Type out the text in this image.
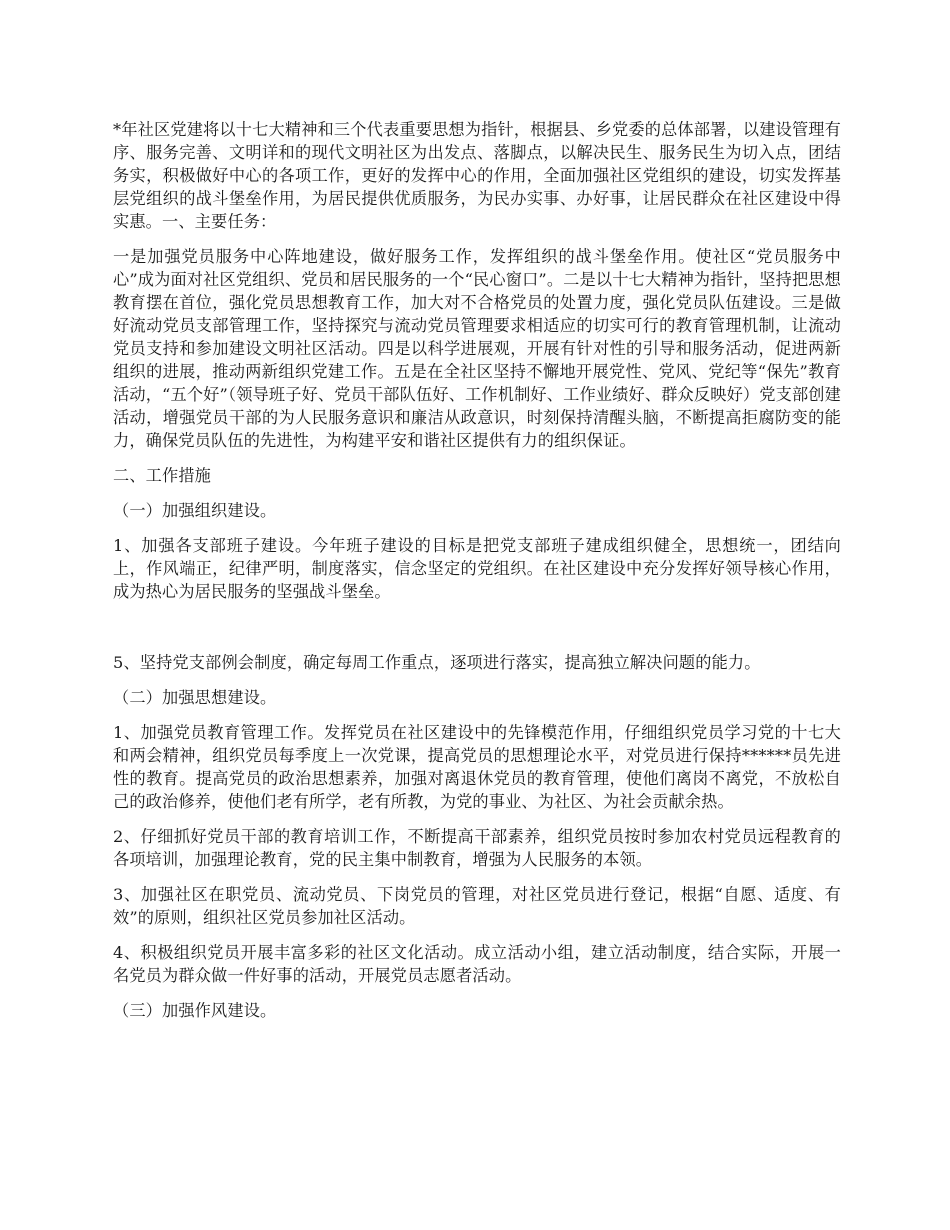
*年社区党建将以十七大精神和三个代表重要思想为指针，根据县、乡党委的总体部署，以建设管理有序、服务完善、文明详和的现代文明社区为出发点、落脚点，以解决民生、服务民生为切入点，团结务实，积极做好中心的各项工作，更好的发挥中心的作用，全面加强社区党组织的建设，切实发挥基层党组织的战斗堡垒作用，为居民提供优质服务，为民办实事、办好事，让居民群众在社区建设中得实惠。一、主要任务：

一是加强党员服务中心阵地建设，做好服务工作，发挥组织的战斗堡垒作用。使社区“党员服务中心”成为面对社区党组织、党员和居民服务的一个“民心窗口”。二是以十七大精神为指针，坚持把思想教育摆在首位，强化党员思想教育工作，加大对不合格党员的处置力度，强化党员队伍建设。三是做好流动党员支部管理工作，坚持探究与流动党员管理要求相适应的切实可行的教育管理机制，让流动党员支持和参加建设文明社区活动。四是以科学进展观，开展有针对性的引导和服务活动，促进两新组织的进展，推动两新组织党建工作。五是在全社区坚持不懈地开展党性、党风、党纪等“保先”教育活动，“五个好”（领导班子好、党员干部队伍好、工作机制好、工作业绩好、群众反映好）党支部创建活动，增强党员干部的为人民服务意识和廉洁从政意识，时刻保持清醒头脑，不断提高拒腐防变的能力，确保党员队伍的先进性，为构建平安和谐社区提供有力的组织保证。

二、工作措施

（一）加强组织建设。

1、加强各支部班子建设。今年班子建设的目标是把党支部班子建成组织健全，思想统一，团结向上，作风端正，纪律严明，制度落实，信念坚定的党组织。在社区建设中充分发挥好领导核心作用，成为热心为居民服务的坚强战斗堡垒。

5、坚持党支部例会制度，确定每周工作重点，逐项进行落实，提高独立解决问题的能力。

（二）加强思想建设。

1、加强党员教育管理工作。发挥党员在社区建设中的先锋模范作用，仔细组织党员学习党的十七大和两会精神，组织党员每季度上一次党课，提高党员的思想理论水平，对党员进行保持******员先进性的教育。提高党员的政治思想素养，加强对离退休党员的教育管理，使他们离岗不离党，不放松自己的政治修养，使他们老有所学，老有所教，为党的事业、为社区、为社会贡献余热。

2、仔细抓好党员干部的教育培训工作，不断提高干部素养，组织党员按时参加农村党员远程教育的各项培训，加强理论教育，党的民主集中制教育，增强为人民服务的本领。

3、加强社区在职党员、流动党员、下岗党员的管理，对社区党员进行登记，根据“自愿、适度、有效”的原则，组织社区党员参加社区活动。

4、积极组织党员开展丰富多彩的社区文化活动。成立活动小组，建立活动制度，结合实际，开展一名党员为群众做一件好事的活动，开展党员志愿者活动。

（三）加强作风建设。
